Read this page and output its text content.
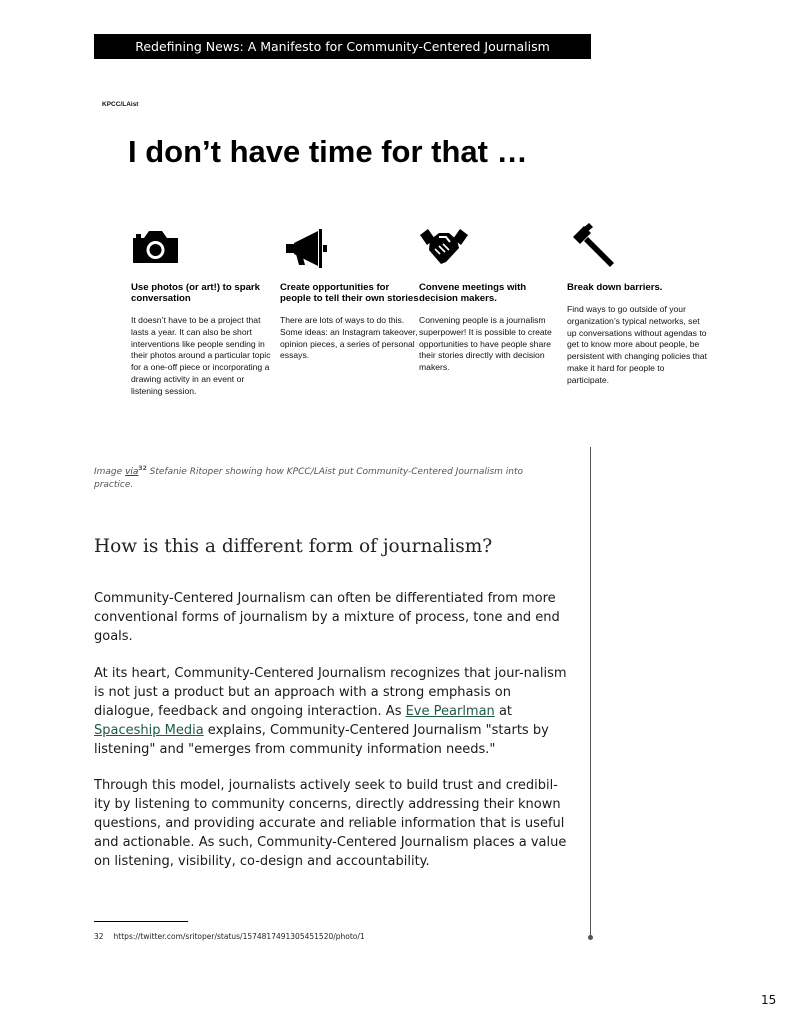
Redefining News: A Manifesto for Community-Centered Journalism
KPCC/LAist
I don’t have time for that …
Use photos (or art!) to spark conversation
It doesn’t have to be a project that lasts a year. It can also be short interventions like people sending in their photos around a particular topic for a one-off piece or incorporating a drawing activity in an event or listening session.
Create opportunities for people to tell their own stories
There are lots of ways to do this. Some ideas: an Instagram takeover, opinion pieces, a series of personal essays.
Convene meetings with decision makers.
Convening people is a journalism superpower! It is possible to create opportunities to have people share their stories directly with decision makers.
Break down barriers.
Find ways to go outside of your organization’s typical networks, set up conversations without agendas to get to know more about people, be persistent with changing policies that make it hard for people to participate.
Image via$^{32}$ Stefanie Ritoper showing how KPCC/LAist put Community-Centered Journalism into practice.
How is this a different form of journalism?

Community-Centered Journalism can often be differentiated from more conventional forms of journalism by a mixture of process, tone and end goals.

At its heart, Community-Centered Journalism recognizes that jour-nalism is not just a product but an approach with a strong emphasis on dialogue, feedback and ongoing interaction. As Eve Pearlman at Spaceship Media explains, Community-Centered Journalism "starts by listening" and "emerges from community information needs."

Through this model, journalists actively seek to build trust and credibil-ity by listening to community concerns, directly addressing their known questions, and providing accurate and reliable information that is useful and actionable. As such, Community-Centered Journalism places a value on listening, visibility, co-design and accountability.

32 https://twitter.com/sritoper/status/1574817491305451520/photo/1
15
